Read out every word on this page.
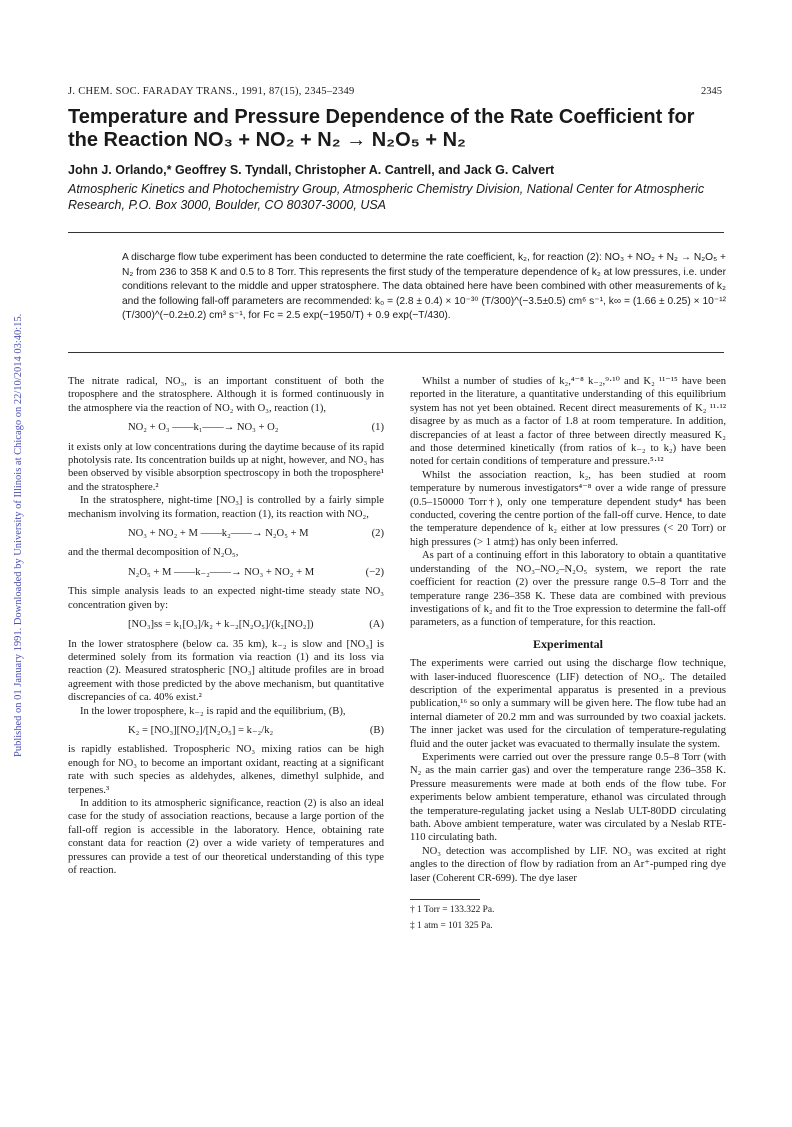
Published on 01 January 1991. Downloaded by University of Illinois at Chicago on 22/10/2014 03:40:15.
J. CHEM. SOC. FARADAY TRANS., 1991, 87(15), 2345–2349	2345
Temperature and Pressure Dependence of the Rate Coefficient for the Reaction NO₃ + NO₂ + N₂ → N₂O₅ + N₂
John J. Orlando,* Geoffrey S. Tyndall, Christopher A. Cantrell, and Jack G. Calvert
Atmospheric Kinetics and Photochemistry Group, Atmospheric Chemistry Division, National Center for Atmospheric Research, P.O. Box 3000, Boulder, CO 80307-3000, USA
A discharge flow tube experiment has been conducted to determine the rate coefficient, k₂, for reaction (2): NO₃ + NO₂ + N₂ → N₂O₅ + N₂ from 236 to 358 K and 0.5 to 8 Torr. This represents the first study of the temperature dependence of k₂ at low pressures, i.e. under conditions relevant to the middle and upper stratosphere. The data obtained here have been combined with other measurements of k₂ and the following fall-off parameters are recommended: k₀ = (2.8 ± 0.4) × 10⁻³⁰ (T/300)^(−3.5±0.5) cm⁶ s⁻¹, k∞ = (1.66 ± 0.25) × 10⁻¹² (T/300)^(−0.2±0.2) cm³ s⁻¹, for Fc = 2.5 exp(−1950/T) + 0.9 exp(−T/430).

The nitrate radical, NO₃, is an important constituent of both the troposphere and the stratosphere. Although it is formed continuously in the atmosphere via the reaction of NO₂ with O₃, reaction (1),

NO₂ + O₃ ——k₁——→ NO₃ + O₂	(1)

it exists only at low concentrations during the daytime because of its rapid photolysis rate. Its concentration builds up at night, however, and NO₃ has been observed by visible absorption spectroscopy in both the troposphere¹ and the stratosphere.²

In the stratosphere, night-time [NO₃] is controlled by a fairly simple mechanism involving its formation, reaction (1), its reaction with NO₂,

NO₃ + NO₂ + M ——k₂——→ N₂O₅ + M	(2)

and the thermal decomposition of N₂O₅,

N₂O₅ + M ——k₋₂——→ NO₃ + NO₂ + M	(−2)

This simple analysis leads to an expected night-time steady state NO₃ concentration given by:

[NO₃]ss = k₁[O₃]/k₂ + k₋₂[N₂O₅]/(k₂[NO₂])	(A)

In the lower stratosphere (below ca. 35 km), k₋₂ is slow and [NO₃] is determined solely from its formation via reaction (1) and its loss via reaction (2). Measured stratospheric [NO₃] altitude profiles are in broad agreement with those predicted by the above mechanism, but quantitative discrepancies of ca. 40% exist.²

In the lower troposphere, k₋₂ is rapid and the equilibrium, (B),

K₂ = [NO₃][NO₂]/[N₂O₅] = k₋₂/k₂	(B)

is rapidly established. Tropospheric NO₃ mixing ratios can be high enough for NO₃ to become an important oxidant, reacting at a significant rate with such species as aldehydes, alkenes, dimethyl sulphide, and terpenes.³

In addition to its atmospheric significance, reaction (2) is also an ideal case for the study of association reactions, because a large portion of the fall-off region is accessible in the laboratory. Hence, obtaining rate constant data for reaction (2) over a wide variety of temperatures and pressures can provide a test of our theoretical understanding of this type of reaction.

Whilst a number of studies of k₂,⁴⁻⁸ k₋₂,⁹·¹⁰ and K₂ ¹¹⁻¹⁵ have been reported in the literature, a quantitative understanding of this equilibrium system has not yet been obtained. Recent direct measurements of K₂ ¹¹·¹² disagree by as much as a factor of 1.8 at room temperature. In addition, discrepancies of at least a factor of three between directly measured K₂ and those determined kinetically (from ratios of k₋₂ to k₂) have been noted for certain conditions of temperature and pressure.⁵·¹²

Whilst the association reaction, k₂, has been studied at room temperature by numerous investigators⁴⁻⁸ over a wide range of pressure (0.5–150000 Torr†), only one temperature dependent study⁴ has been conducted, covering the centre portion of the fall-off curve. Hence, to date the temperature dependence of k₂ either at low pressures (< 20 Torr) or high pressures (> 1 atm‡) has only been inferred.

As part of a continuing effort in this laboratory to obtain a quantitative understanding of the NO₃–NO₂–N₂O₅ system, we report the rate coefficient for reaction (2) over the pressure range 0.5–8 Torr and the temperature range 236–358 K. These data are combined with previous investigations of k₂ and fit to the Troe expression to determine the fall-off parameters, as a function of temperature, for this reaction.

Experimental

The experiments were carried out using the discharge flow technique, with laser-induced fluorescence (LIF) detection of NO₃. The detailed description of the experimental apparatus is presented in a previous publication,¹⁶ so only a summary will be given here. The flow tube had an internal diameter of 20.2 mm and was surrounded by two coaxial jackets. The inner jacket was used for the circulation of temperature-regulating fluid and the outer jacket was evacuated to thermally insulate the system.

Experiments were carried out over the pressure range 0.5–8 Torr (with N₂ as the main carrier gas) and over the temperature range 236–358 K. Pressure measurements were made at both ends of the flow tube. For experiments below ambient temperature, ethanol was circulated through the temperature-regulating jacket using a Neslab ULT-80DD circulating bath. Above ambient temperature, water was circulated by a Neslab RTE-110 circulating bath.

NO₃ detection was accomplished by LIF. NO₃ was excited at right angles to the direction of flow by radiation from an Ar⁺-pumped ring dye laser (Coherent CR-699). The dye laser

† 1 Torr = 133.322 Pa.
‡ 1 atm = 101 325 Pa.
